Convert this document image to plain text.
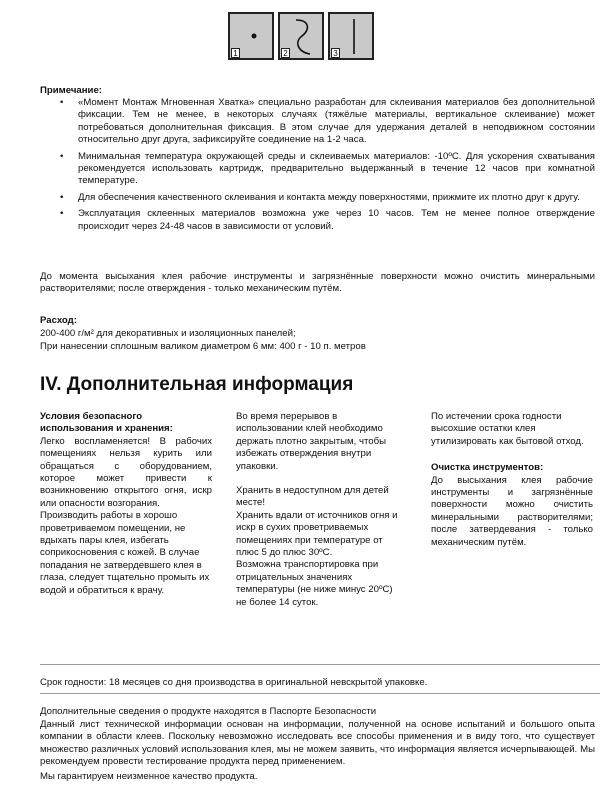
1	2	3
Примечание:
• «Момент Монтаж Мгновенная Хватка» специально разработан для склеивания материалов без дополнительной фиксации. Тем не менее, в некоторых случаях (тяжёлые материалы, вертикальное склеивание) может потребоваться дополнительная фиксация. В этом случае для удержания деталей в неподвижном состоянии относительно друг друга, зафиксируйте соединение на 1-2 часа.
• Минимальная температура окружающей среды и склеиваемых материалов: -10ºС. Для ускорения схватывания рекомендуется использовать картридж, предварительно выдержанный в течение 12 часов при комнатной температуре.
• Для обеспечения качественного склеивания и контакта между поверхностями, прижмите их плотно друг к другу.
• Эксплуатация склеенных материалов возможна уже через 10 часов. Тем не менее полное отверждение происходит через 24-48 часов в зависимости от условий.
До момента высыхания клея рабочие инструменты и загрязнённые поверхности можно очистить минеральными растворителями; после отверждения - только механическим путём.
Расход:
200-400 г/м² для декоративных и изоляционных панелей;
При нанесении сплошным валиком диаметром 6 мм: 400 г - 10 п. метров
IV. Дополнительная информация

Условия безопасного использования и хранения:

Легко воспламеняется! В рабочих помещениях нельзя курить или обращаться с оборудованием, которое может привести к возникновению открытого огня, искр или опасности возгорания.

Производить работы в хорошо проветриваемом помещении, не вдыхать пары клея, избегать соприкосновения с кожей. В случае попадания не затвердевшего клея в глаза, следует тщательно промыть их водой и обратиться к врачу.

Во время перерывов в использовании клей необходимо держать плотно закрытым, чтобы избежать отверждения внутри упаковки.

Хранить в недоступном для детей месте!

Хранить вдали от источников огня и искр в сухих проветриваемых помещениях при температуре от плюс 5 до плюс 30ºС.

Возможна транспортировка при отрицательных значениях температуры (не ниже минус 20ºС) не более 14 суток.

По истечении срока годности высохшие остатки клея утилизировать как бытовой отход.

Очистка инструментов:

До высыхания клея рабочие инструменты и загрязнённые поверхности можно очистить минеральными растворителями; после затвердевания - только механическим путём.

Срок годности: 18 месяцев со дня производства в оригинальной невскрытой упаковке.
Дополнительные сведения о продукте находятся в Паспорте Безопасности
Данный лист технической информации основан на информации, полученной на основе испытаний и большого опыта компании в области клеев. Поскольку невозможно исследовать все способы применения и в виду того, что существует множество различных условий использования клея, мы не можем заявить, что информация является исчерпывающей. Мы рекомендуем провести тестирование продукта перед применением.
Мы гарантируем неизменное качество продукта.
